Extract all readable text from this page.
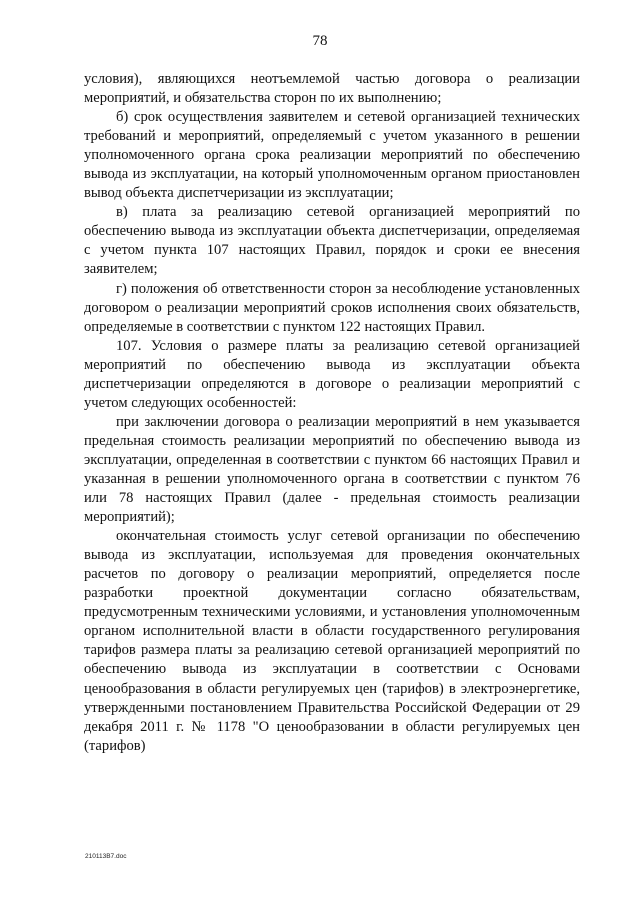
78

условия), являющихся неотъемлемой частью договора о реализации мероприятий, и обязательства сторон по их выполнению;

б) срок осуществления заявителем и сетевой организацией технических требований и мероприятий, определяемый с учетом указанного в решении уполномоченного органа срока реализации мероприятий по обеспечению вывода из эксплуатации, на который уполномоченным органом приостановлен вывод объекта диспетчеризации из эксплуатации;

в) плата за реализацию сетевой организацией мероприятий по обеспечению вывода из эксплуатации объекта диспетчеризации, определяемая с учетом пункта 107 настоящих Правил, порядок и сроки ее внесения заявителем;

г) положения об ответственности сторон за несоблюдение установленных договором о реализации мероприятий сроков исполнения своих обязательств, определяемые в соответствии с пунктом 122 настоящих Правил.

107. Условия о размере платы за реализацию сетевой организацией мероприятий по обеспечению вывода из эксплуатации объекта диспетчеризации определяются в договоре о реализации мероприятий с учетом следующих особенностей:

при заключении договора о реализации мероприятий в нем указывается предельная стоимость реализации мероприятий по обеспечению вывода из эксплуатации, определенная в соответствии с пунктом 66 настоящих Правил и указанная в решении уполномоченного органа в соответствии с пунктом 76 или 78 настоящих Правил (далее - предельная стоимость реализации мероприятий);

окончательная стоимость услуг сетевой организации по обеспечению вывода из эксплуатации, используемая для проведения окончательных расчетов по договору о реализации мероприятий, определяется после разработки проектной документации согласно обязательствам, предусмотренным техническими условиями, и установления уполномоченным органом исполнительной власти в области государственного регулирования тарифов размера платы за реализацию сетевой организацией мероприятий по обеспечению вывода из эксплуатации в соответствии с Основами ценообразования в области регулируемых цен (тарифов) в электроэнергетике, утвержденными постановлением Правительства Российской Федерации от 29 декабря 2011 г. № 1178 "О ценообразовании в области регулируемых цен (тарифов)

210113В7.doc
